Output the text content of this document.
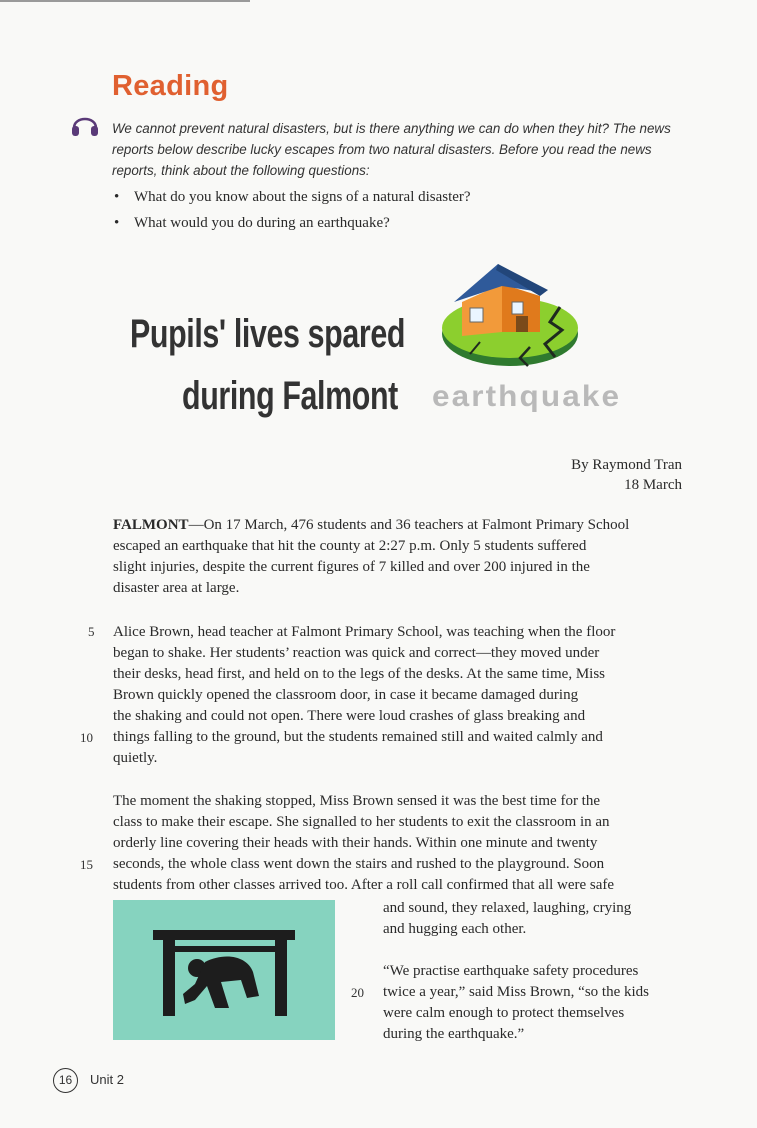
Reading
We cannot prevent natural disasters, but is there anything we can do when they hit? The news reports below describe lucky escapes from two natural disasters. Before you read the news reports, think about the following questions:
• What do you know about the signs of a natural disaster?
• What would you do during an earthquake?
Pupils' lives spared
during Falmont earthquake
By Raymond Tran
18 March

FALMONT—On 17 March, 476 students and 36 teachers at Falmont Primary School
escaped an earthquake that hit the county at 2:27 p.m. Only 5 students suffered
slight injuries, despite the current figures of 7 killed and over 200 injured in the
disaster area at large.

5 Alice Brown, head teacher at Falmont Primary School, was teaching when the floor
began to shake. Her students’ reaction was quick and correct—they moved under
their desks, head first, and held on to the legs of the desks. At the same time, Miss
Brown quickly opened the classroom door, in case it became damaged during
the shaking and could not open. There were loud crashes of glass breaking and
things falling to the ground, but the students remained still and waited calmly and
quietly.

10

The moment the shaking stopped, Miss Brown sensed it was the best time for the
class to make their escape. She signalled to her students to exit the classroom in an
orderly line covering their heads with their hands. Within one minute and twenty
seconds, the whole class went down the stairs and rushed to the playground. Soon
students from other classes arrived too. After a roll call confirmed that all were safe

15

and sound, they relaxed, laughing, crying
and hugging each other.

“We practise earthquake safety procedures
twice a year,” said Miss Brown, “so the kids
were calm enough to protect themselves
during the earthquake.”

20
16	Unit 2
